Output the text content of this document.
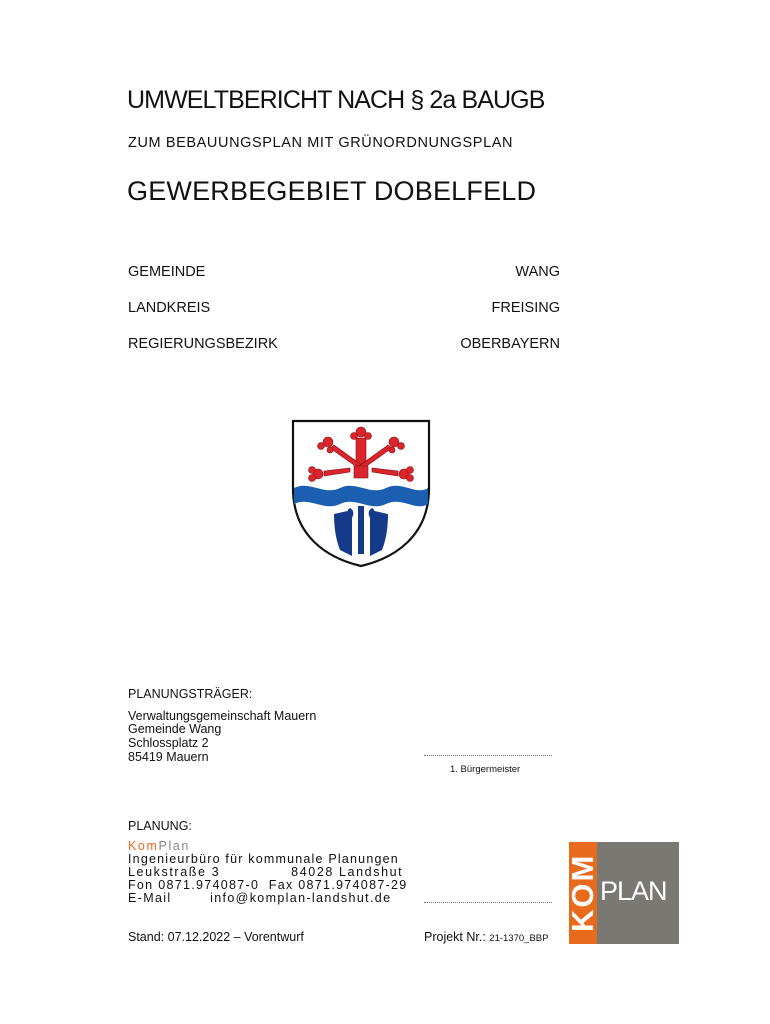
UMWELTBERICHT NACH § 2a BAUGB
ZUM BEBAUUNGSPLAN MIT GRÜNORDNUNGSPLAN
GEWERBEGEBIET DOBELFELD
GEMEINDE	WANG
LANDKREIS	FREISING
REGIERUNGSBEZIRK	OBERBAYERN
PLANUNGSTRÄGER:
Verwaltungsgemeinschaft Mauern
Gemeinde Wang
Schlossplatz 2
85419 Mauern
1. Bürgermeister
PLANUNG:
KomPlan
Ingenieurbüro für kommunale Planungen
Leukstraße 3              84028 Landshut
Fon 0871.974087-0  Fax 0871.974087-29
E-Mail        info@komplan-landshut.de	KOM PLAN
Stand: 07.12.2022 – Vorentwurf	Projekt Nr.: 21-1370_BBP
